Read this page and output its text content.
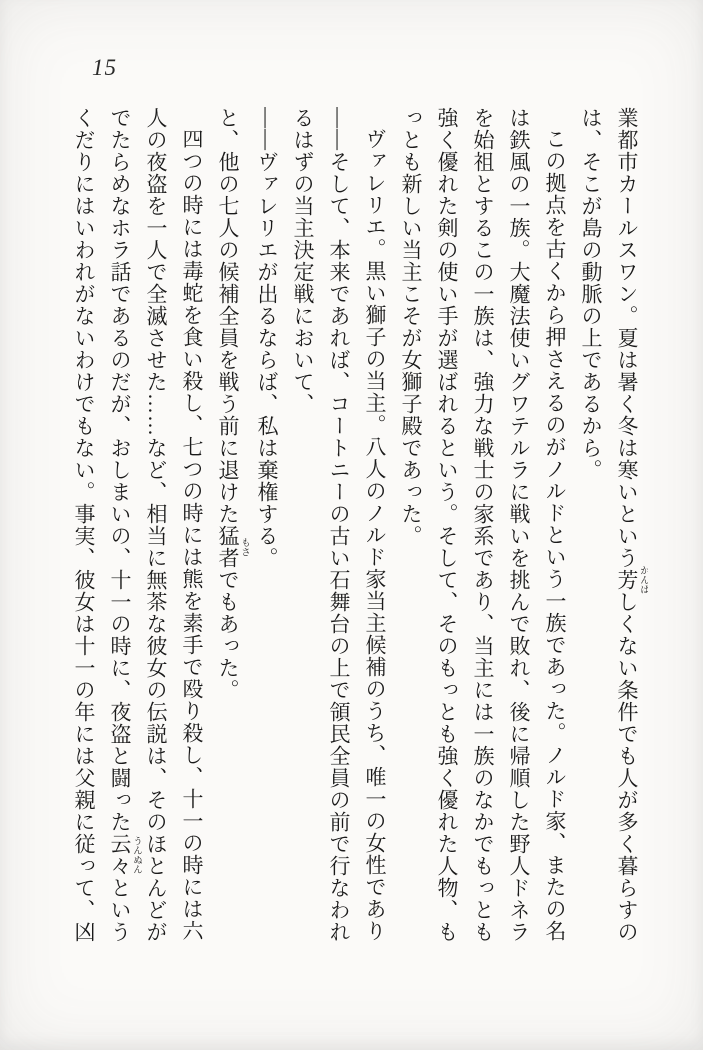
15

業都市カールスワン。夏は暑く冬は寒いという芳 かんばしくない条件でも人が多く暮らすのは、そこが島の動脈の上であるから。

この拠点を古くから押さえるのがノルドという一族であった。ノルド家、またの名は鉄風の一族。大魔法使いグワテルラに戦いを挑んで敗れ、後に帰順した野人ドネラを始祖とするこの一族は、強力な戦士の家系であり、当主には一族のなかでもっとも強く優れた剣の使い手が選ばれるという。そして、そのもっとも強く優れた人物、もっとも新しい当主こそが女獅子殿であった。

ヴァレリエ。黒い獅子の当主。八人のノルド家当主候補のうち、唯一の女性であり——そして、本来であれば、コートニーの古い石舞台の上で領民全員の前で行なわれるはずの当主決定戦において、

——ヴァレリエが出るならば、私は棄権する。

と、他の七人の候補全員を戦う前に退けた猛者 もさでもあった。

四つの時には毒蛇を食い殺し、七つの時には熊を素手で殴り殺し、十一の時には六人の夜盗を一人で全滅させた……など、相当に無茶な彼女の伝説は、そのほとんどがでたらめなホラ話であるのだが、おしまいの、十一の時に、夜盗と闘った云々 うんぬんというくだりにはいわれがないわけでもない。事実、彼女は十一の年には父親に従って、凶
